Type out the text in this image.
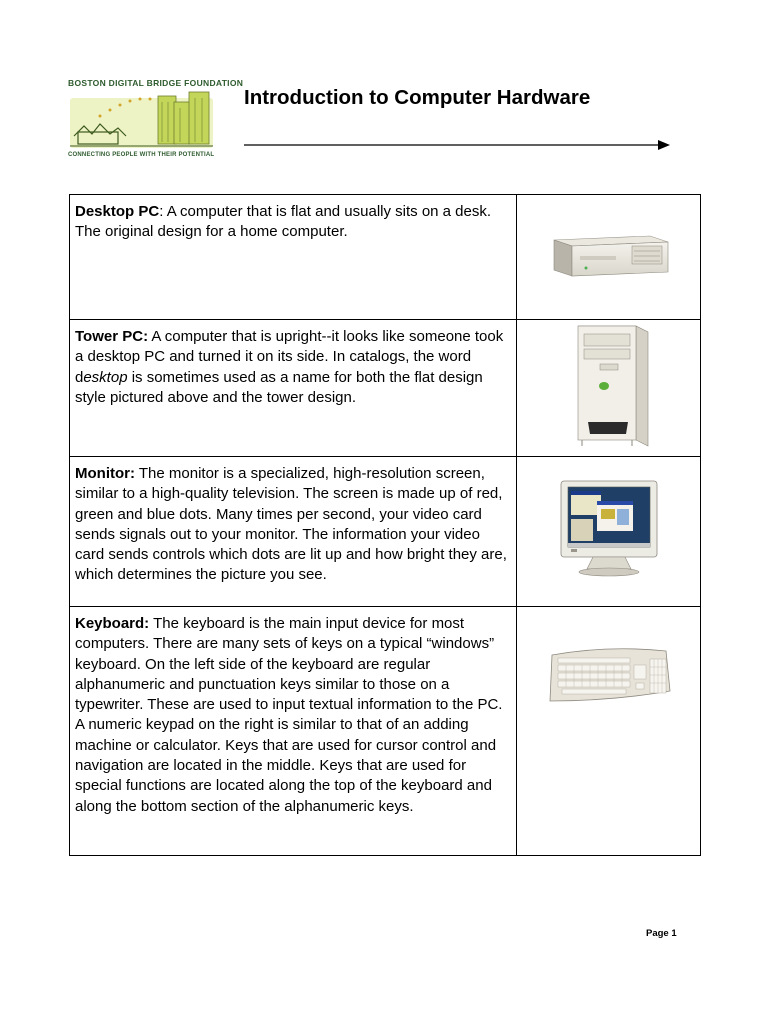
BOSTON DIGITAL BRIDGE FOUNDATION
CONNECTING PEOPLE WITH THEIR POTENTIAL
Introduction to Computer Hardware
Desktop PC: A computer that is flat and usually sits on a desk. The original design for a home computer.	
Tower PC: A computer that is upright--it looks like someone took a desktop PC and turned it on its side. In catalogs, the word desktop is sometimes used as a name for both the flat design style pictured above and the tower design.	
Monitor: The monitor is a specialized, high-resolution screen, similar to a high-quality television. The screen is made up of red, green and blue dots. Many times per second, your video card sends signals out to your monitor. The information your video card sends controls which dots are lit up and how bright they are, which determines the picture you see.	
Keyboard: The keyboard is the main input device for most computers. There are many sets of keys on a typical “windows” keyboard. On the left side of the keyboard are regular alphanumeric and punctuation keys similar to those on a typewriter. These are used to input textual information to the PC. A numeric keypad on the right is similar to that of an adding machine or calculator. Keys that are used for cursor control and navigation are located in the middle. Keys that are used for special functions are located along the top of the keyboard and along the bottom section of the alphanumeric keys.	
Page 1
